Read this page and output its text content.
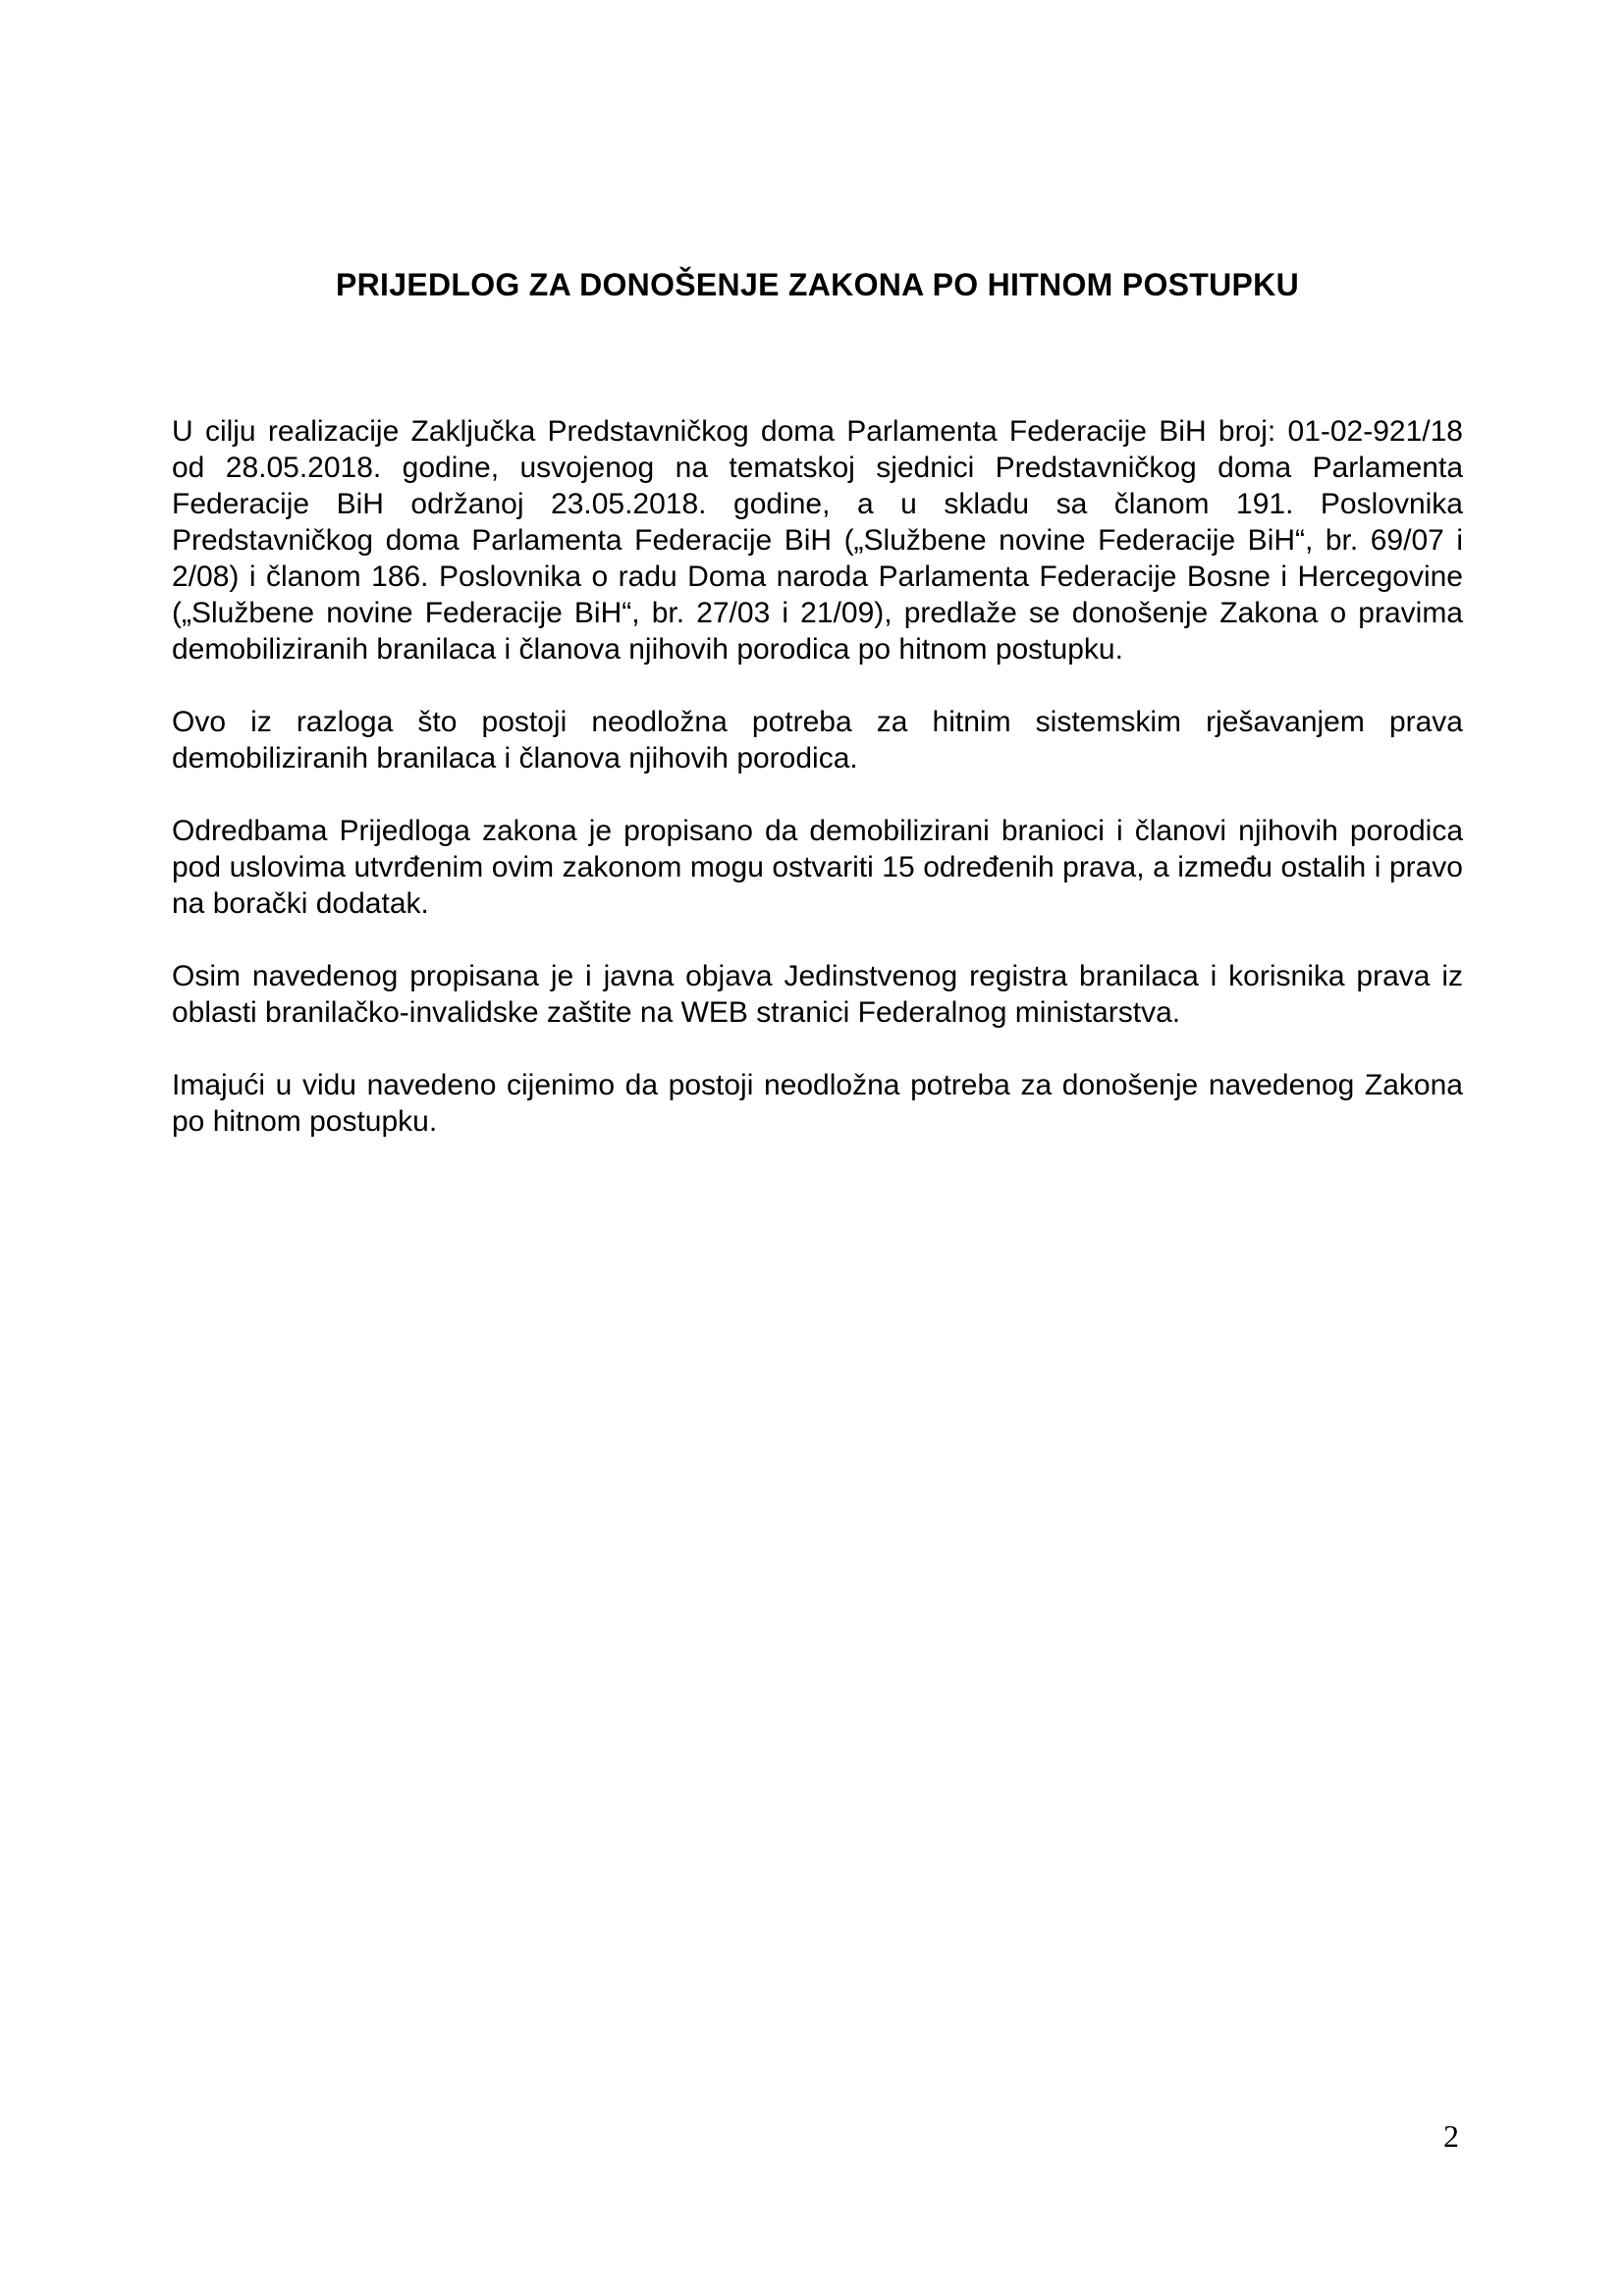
PRIJEDLOG ZA DONOŠENJE ZAKONA PO HITNOM POSTUPKU

U cilju realizacije Zaključka Predstavničkog doma Parlamenta Federacije BiH broj: 01-02-921/18 od 28.05.2018. godine, usvojenog na tematskoj sjednici Predstavničkog doma Parlamenta Federacije BiH održanoj 23.05.2018. godine, a u skladu sa članom 191. Poslovnika Predstavničkog doma Parlamenta Federacije BiH („Službene novine Federacije BiH“, br. 69/07 i 2/08) i članom 186. Poslovnika o radu Doma naroda Parlamenta Federacije Bosne i Hercegovine („Službene novine Federacije BiH“, br. 27/03 i 21/09), predlaže se donošenje Zakona o pravima demobiliziranih branilaca i članova njihovih porodica po hitnom postupku.

Ovo iz razloga što postoji neodložna potreba za hitnim sistemskim rješavanjem prava demobiliziranih branilaca i članova njihovih porodica.

Odredbama Prijedloga zakona je propisano da demobilizirani branioci i članovi njihovih porodica pod uslovima utvrđenim ovim zakonom mogu ostvariti 15 određenih prava, a između ostalih i pravo na borački dodatak.

Osim navedenog propisana je i javna objava Jedinstvenog registra branilaca i korisnika prava iz oblasti branilačko-invalidske zaštite na WEB stranici Federalnog ministarstva.

Imajući u vidu navedeno cijenimo da postoji neodložna potreba za donošenje navedenog Zakona po hitnom postupku.

2
